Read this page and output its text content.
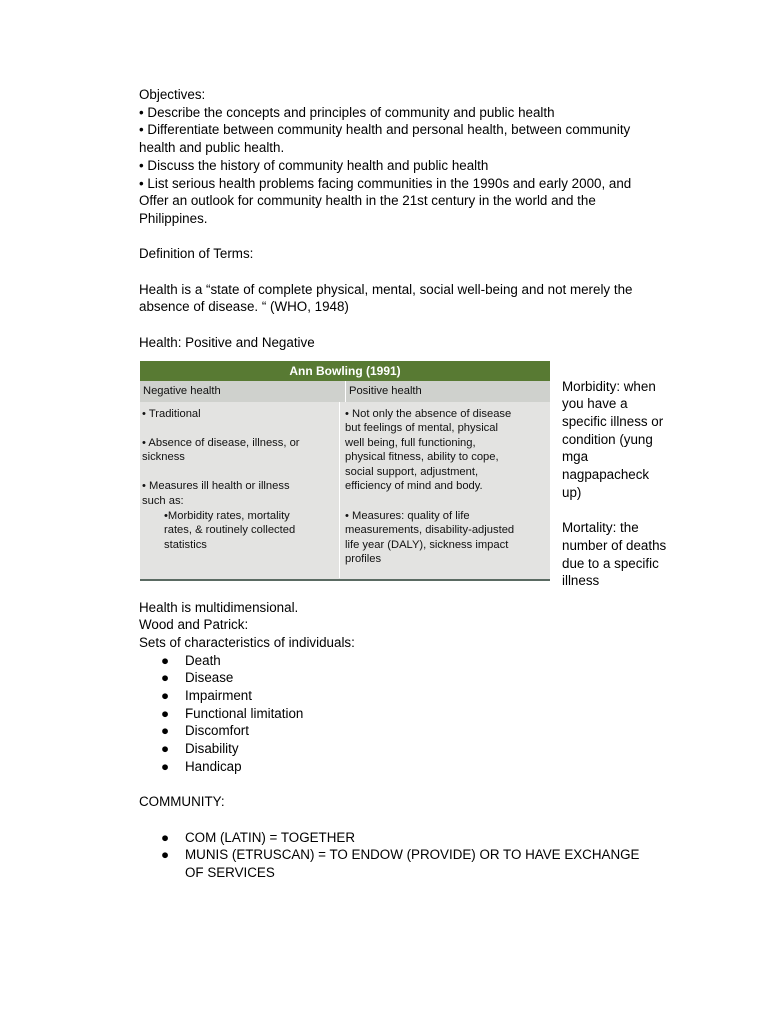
Objectives:
• Describe the concepts and principles of community and public health
• Differentiate between community health and personal health, between community
health and public health.
• Discuss the history of community health and public health
• List serious health problems facing communities in the 1990s and early 2000, and
Offer an outlook for community health in the 21st century in the world and the
Philippines.
Definition of Terms:
Health is a “state of complete physical, mental, social well-being and not merely the
absence of disease. “ (WHO, 1948)
Health: Positive and Negative
Ann Bowling (1991)
Negative health	Positive health
• Traditional
• Absence of disease, illness, or
sickness
• Measures ill health or illness
such as:
•Morbidity rates, mortality
rates, & routinely collected
statistics
• Not only the absence of disease
but feelings of mental, physical
well being, full functioning,
physical fitness, ability to cope,
social support, adjustment,
efficiency of mind and body.
• Measures: quality of life
measurements, disability-adjusted
life year (DALY), sickness impact
profiles
Morbidity: when
you have a
specific illness or
condition (yung
mga
nagpapacheck
up)
Mortality: the
number of deaths
due to a specific
illness
Health is multidimensional.
Wood and Patrick:
Sets of characteristics of individuals:
● Death
● Disease
● Impairment
● Functional limitation
● Discomfort
● Disability
● Handicap
COMMUNITY:
● COM (LATIN) = TOGETHER
● MUNIS (ETRUSCAN) = TO ENDOW (PROVIDE) OR TO HAVE EXCHANGE
OF SERVICES
